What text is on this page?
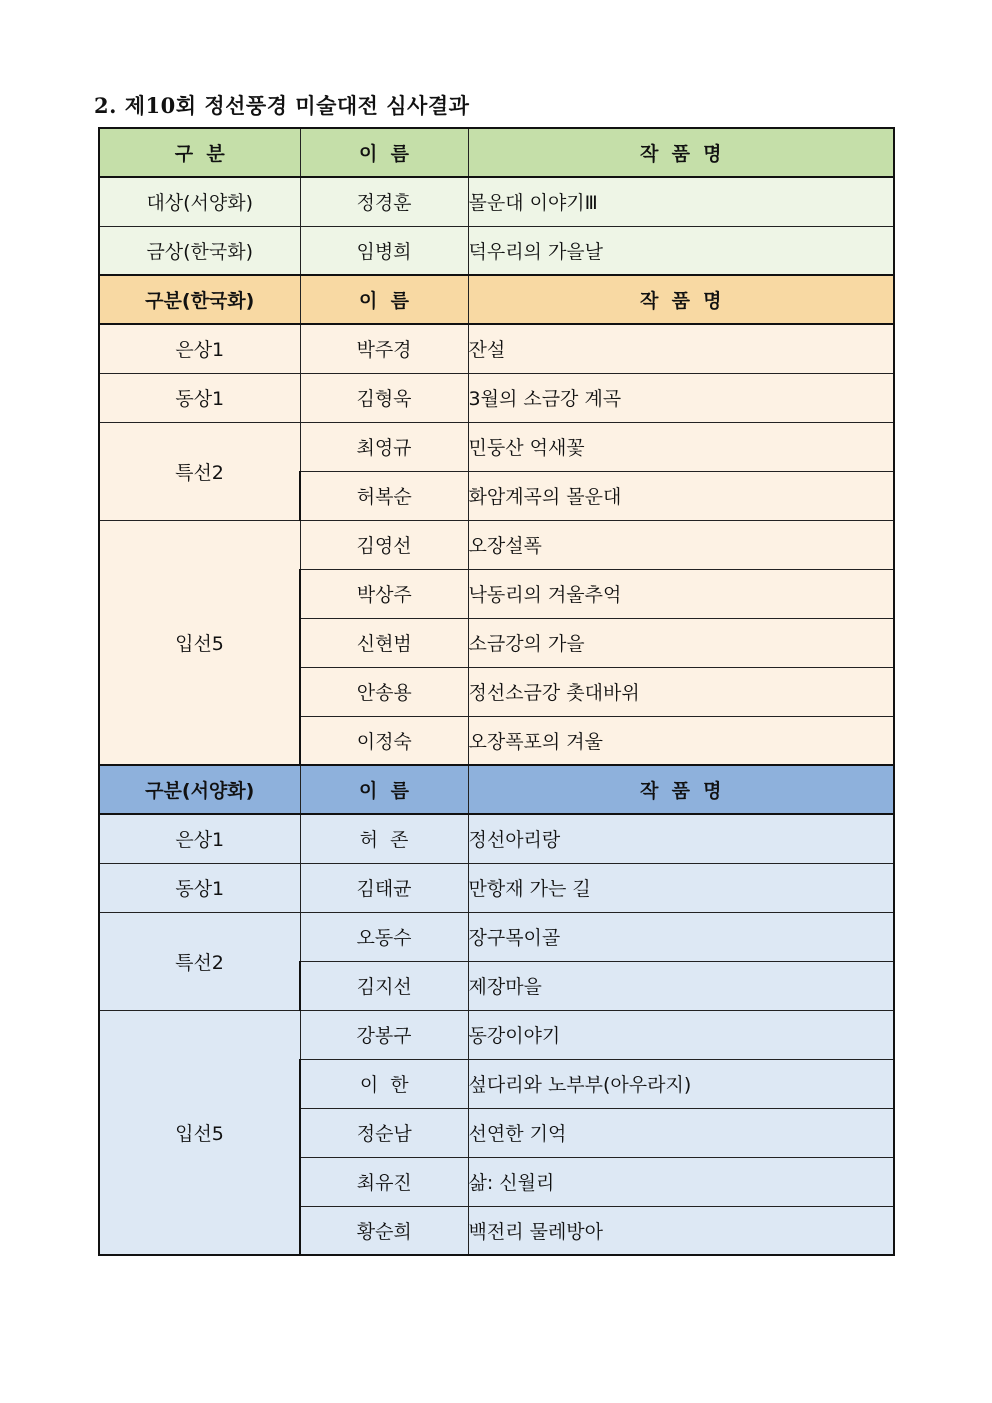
2. 제10회 정선풍경 미술대전 심사결과
구  분	이  름	작  품  명
대상(서양화)	정경훈	몰운대 이야기Ⅲ
금상(한국화)	임병희	덕우리의 가을날
구분(한국화)	이  름	작  품  명
은상1	박주경	잔설
동상1	김형욱	3월의 소금강 계곡
특선2	최영규	민둥산 억새꽃
	허복순	화암계곡의 몰운대
입선5	김영선	오장설폭
	박상주	낙동리의 겨울추억
	신현범	소금강의 가을
	안송용	정선소금강 촛대바위
	이정숙	오장폭포의 겨울
구분(서양화)	이  름	작  품  명
은상1	허  존	정선아리랑
동상1	김태균	만항재 가는 길
특선2	오동수	장구목이골
	김지선	제장마을
입선5	강봉구	동강이야기
	이  한	섶다리와 노부부(아우라지)
	정순남	선연한 기억
	최유진	삶: 신월리
	황순희	백전리 물레방아
